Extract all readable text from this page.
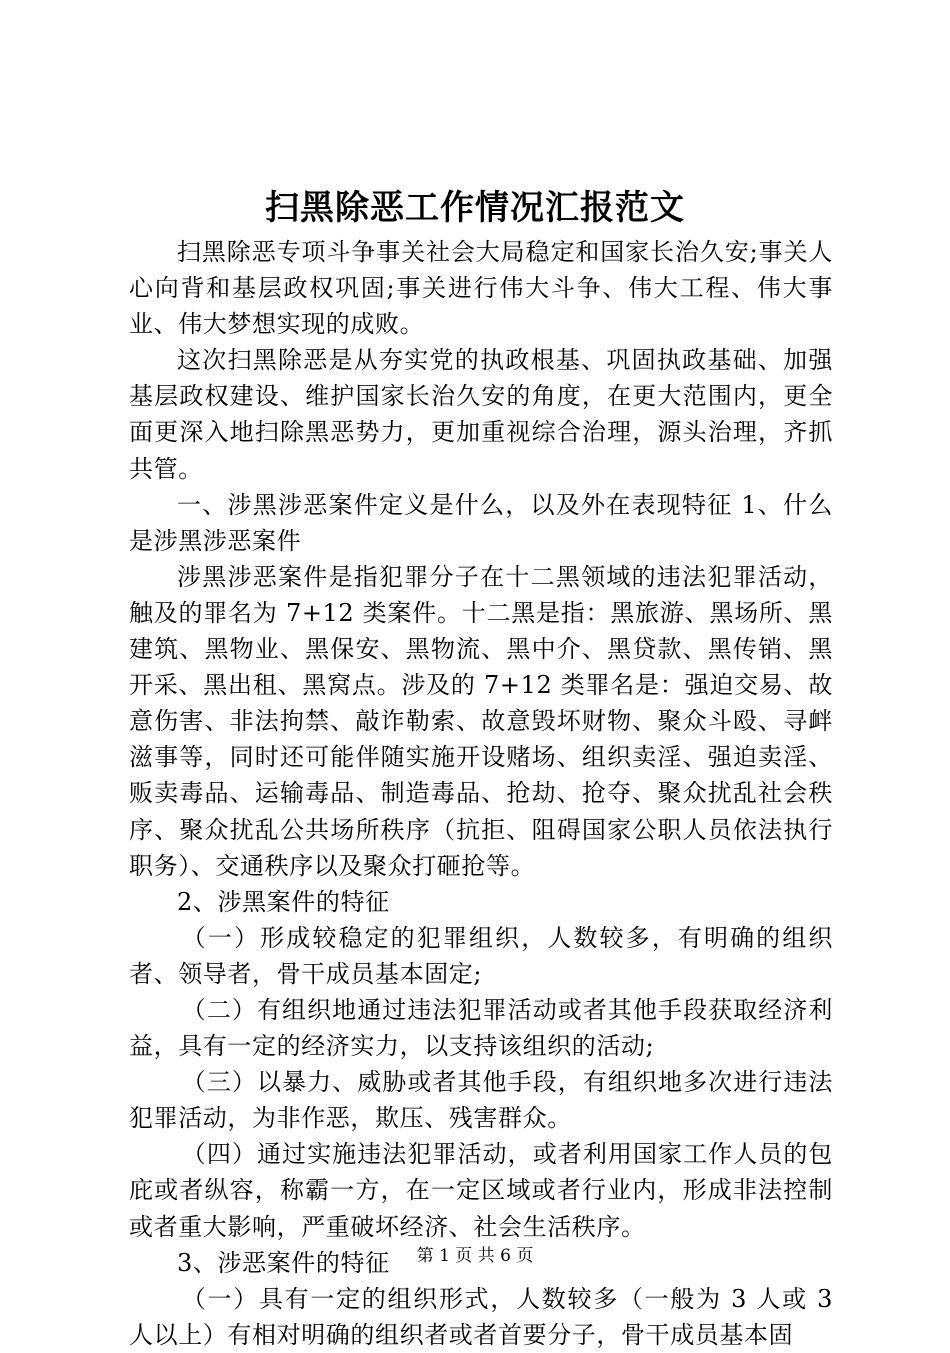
扫黑除恶工作情况汇报范文

扫黑除恶专项斗争事关社会大局稳定和国家长治久安;事关人心向背和基层政权巩固;事关进行伟大斗争、伟大工程、伟大事业、伟大梦想实现的成败。

这次扫黑除恶是从夯实党的执政根基、巩固执政基础、加强基层政权建设、维护国家长治久安的角度，在更大范围内，更全面更深入地扫除黑恶势力，更加重视综合治理，源头治理，齐抓共管。

一、涉黑涉恶案件定义是什么，以及外在表现特征 1、什么是涉黑涉恶案件

涉黑涉恶案件是指犯罪分子在十二黑领域的违法犯罪活动，触及的罪名为 7+12 类案件。十二黑是指：黑旅游、黑场所、黑建筑、黑物业、黑保安、黑物流、黑中介、黑贷款、黑传销、黑开采、黑出租、黑窝点。涉及的 7+12 类罪名是：强迫交易、故意伤害、非法拘禁、敲诈勒索、故意毁坏财物、聚众斗殴、寻衅滋事等，同时还可能伴随实施开设赌场、组织卖淫、强迫卖淫、贩卖毒品、运输毒品、制造毒品、抢劫、抢夺、聚众扰乱社会秩序、聚众扰乱公共场所秩序（抗拒、阻碍国家公职人员依法执行职务）、交通秩序以及聚众打砸抢等。

2、涉黑案件的特征

（一）形成较稳定的犯罪组织，人数较多，有明确的组织者、领导者，骨干成员基本固定;

（二）有组织地通过违法犯罪活动或者其他手段获取经济利益，具有一定的经济实力，以支持该组织的活动;

（三）以暴力、威胁或者其他手段，有组织地多次进行违法犯罪活动，为非作恶，欺压、残害群众。

（四）通过实施违法犯罪活动，或者利用国家工作人员的包庇或者纵容，称霸一方，在一定区域或者行业内，形成非法控制或者重大影响，严重破坏经济、社会生活秩序。

3、涉恶案件的特征

（一）具有一定的组织形式，人数较多（一般为 3 人或 3 人以上）有相对明确的组织者或者首要分子，骨干成员基本固

第 1 页 共 6 页
